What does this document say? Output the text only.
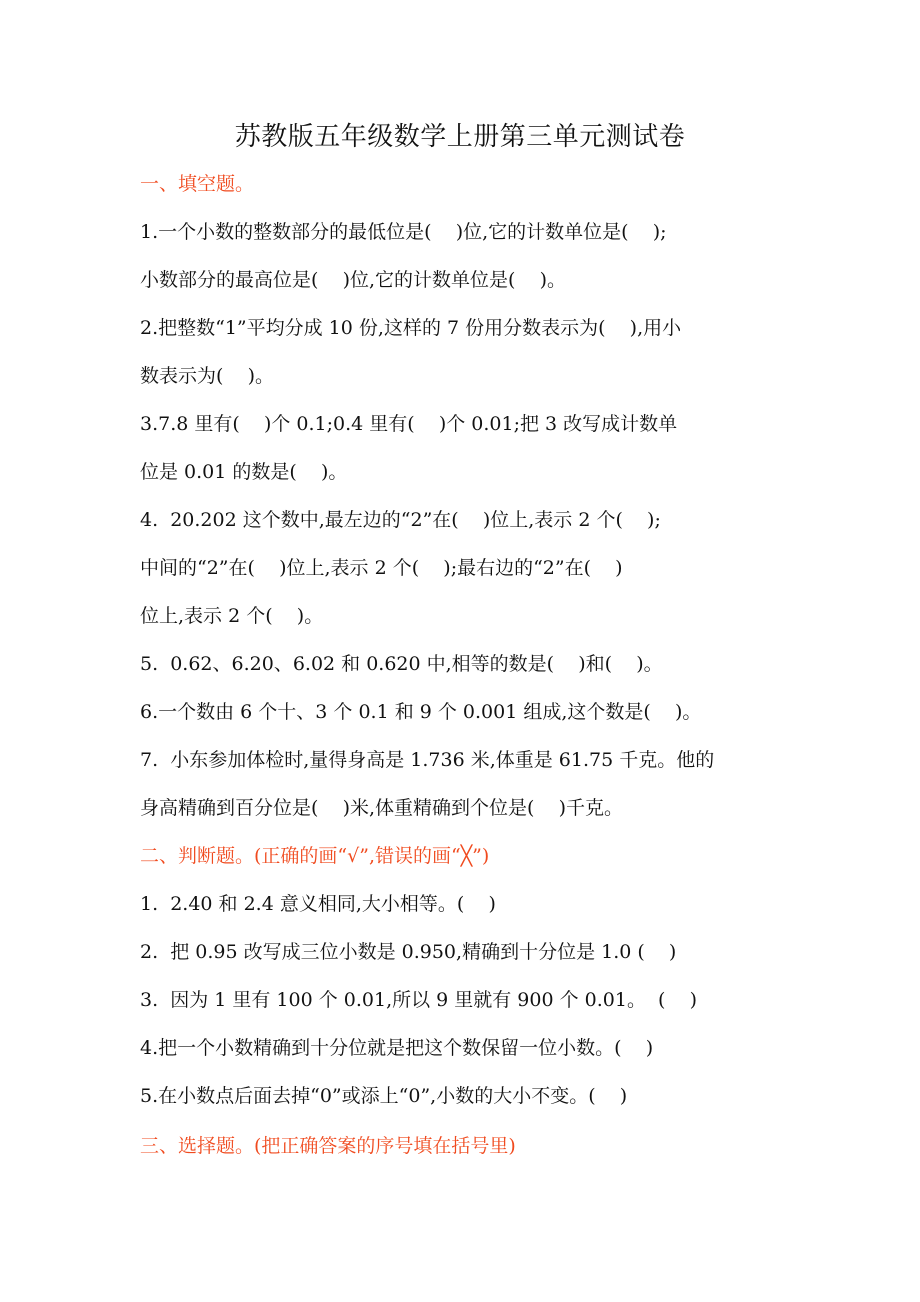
苏教版五年级数学上册第三单元测试卷
一、填空题。
1.一个小数的整数部分的最低位是(    )位,它的计数单位是(    );
小数部分的最高位是(    )位,它的计数单位是(    )。
2.把整数“1”平均分成 10 份,这样的 7 份用分数表示为(    ),用小
数表示为(    )。
3.7.8 里有(    )个 0.1;0.4 里有(    )个 0.01;把 3 改写成计数单
位是 0.01 的数是(    )。
4.  20.202 这个数中,最左边的“2”在(    )位上,表示 2 个(    );
中间的“2”在(    )位上,表示 2 个(    );最右边的“2”在(    )
位上,表示 2 个(    )。
5.  0.62、6.20、6.02 和 0.620 中,相等的数是(    )和(    )。
6.一个数由 6 个十、3 个 0.1 和 9 个 0.001 组成,这个数是(    )。
7.  小东参加体检时,量得身高是 1.736 米,体重是 61.75 千克。他的
身高精确到百分位是(    )米,体重精确到个位是(    )千克。
二、判断题。(正确的画“√”,错误的画“╳”)
1.  2.40 和 2.4 意义相同,大小相等。(    )
2.  把 0.95 改写成三位小数是 0.950,精确到十分位是 1.0 (    )
3.  因为 1 里有 100 个 0.01,所以 9 里就有 900 个 0.01。  (    )
4.把一个小数精确到十分位就是把这个数保留一位小数。(    )
5.在小数点后面去掉“0”或添上“0”,小数的大小不变。(    )
三、选择题。(把正确答案的序号填在括号里)
